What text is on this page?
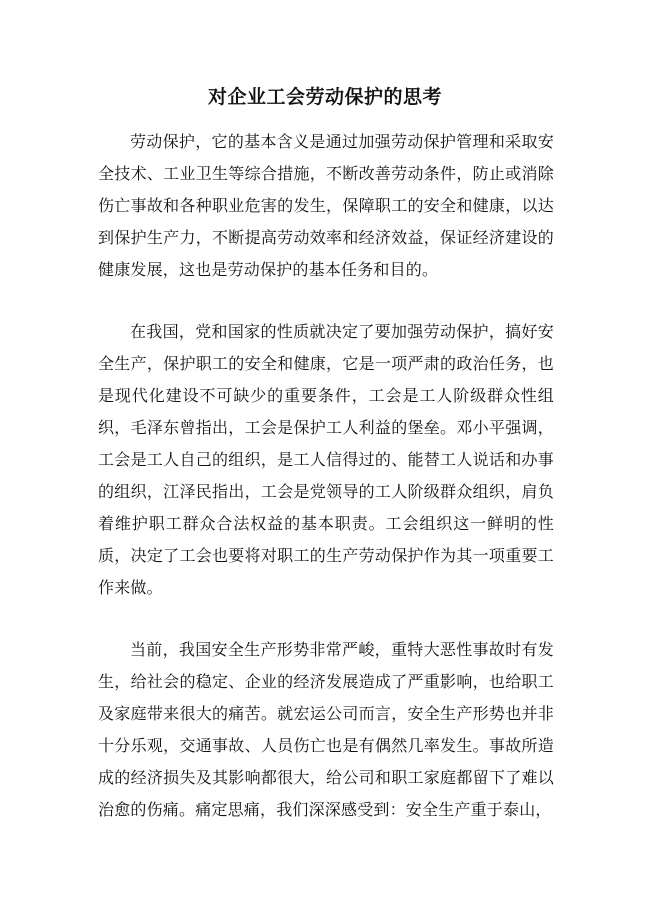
对企业工会劳动保护的思考

劳动保护，它的基本含义是通过加强劳动保护管理和采取安全技术、工业卫生等综合措施，不断改善劳动条件，防止或消除伤亡事故和各种职业危害的发生，保障职工的安全和健康，以达到保护生产力，不断提高劳动效率和经济效益，保证经济建设的健康发展，这也是劳动保护的基本任务和目的。

在我国，党和国家的性质就决定了要加强劳动保护，搞好安全生产，保护职工的安全和健康，它是一项严肃的政治任务，也是现代化建设不可缺少的重要条件，工会是工人阶级群众性组织，毛泽东曾指出，工会是保护工人利益的堡垒。邓小平强调，工会是工人自己的组织，是工人信得过的、能替工人说话和办事的组织，江泽民指出，工会是党领导的工人阶级群众组织，肩负着维护职工群众合法权益的基本职责。工会组织这一鲜明的性质，决定了工会也要将对职工的生产劳动保护作为其一项重要工作来做。

当前，我国安全生产形势非常严峻，重特大恶性事故时有发生，给社会的稳定、企业的经济发展造成了严重影响，也给职工及家庭带来很大的痛苦。就宏运公司而言，安全生产形势也并非十分乐观，交通事故、人员伤亡也是有偶然几率发生。事故所造成的经济损失及其影响都很大，给公司和职工家庭都留下了难以治愈的伤痛。痛定思痛，我们深深感受到：安全生产重于泰山，
